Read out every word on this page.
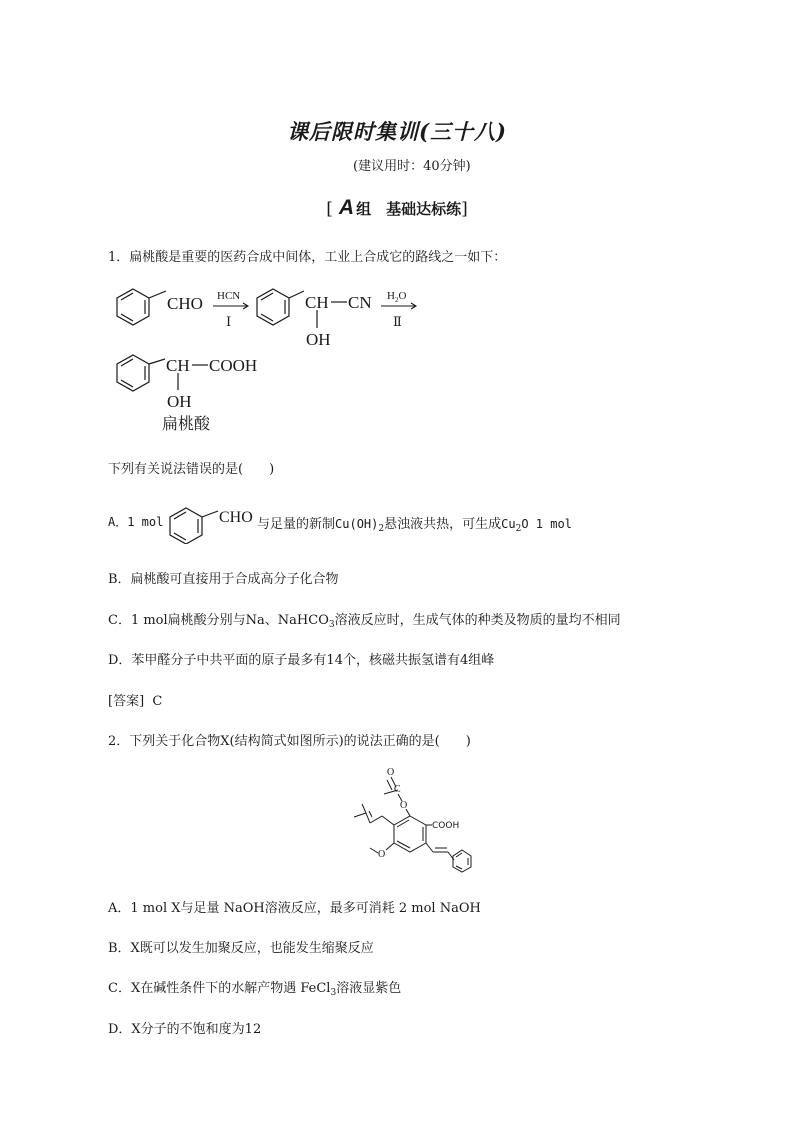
课后限时集训(三十八)
(建议用时：40分钟)
[ A 组　基础达标练]
1．扁桃酸是重要的医药合成中间体，工业上合成它的路线之一如下：
CHO HCN
Ⅰ
CH CN
OH
$H_2O$
Ⅱ
CH COOH
OH
扁桃酸
下列有关说法错误的是(　　)
A．1 mol	CHO 与足量的新制$Cu(OH)_2$悬浊液共热，可生成$Cu_2O$ 1 mol
B．扁桃酸可直接用于合成高分子化合物
C．1 mol扁桃酸分别与Na、NaHCO$_3$溶液反应时，生成气体的种类及物质的量均不相同
D．苯甲醛分子中共平面的原子最多有14个，核磁共振氢谱有4组峰
[答案] C
2．下列关于化合物X(结构简式如图所示)的说法正确的是(　　)
O
C
O
COOH
O
A．1 mol X与足量 NaOH溶液反应，最多可消耗 2 mol NaOH
B．X既可以发生加聚反应，也能发生缩聚反应
C．X在碱性条件下的水解产物遇 FeCl$_3$溶液显紫色
D．X分子的不饱和度为12
